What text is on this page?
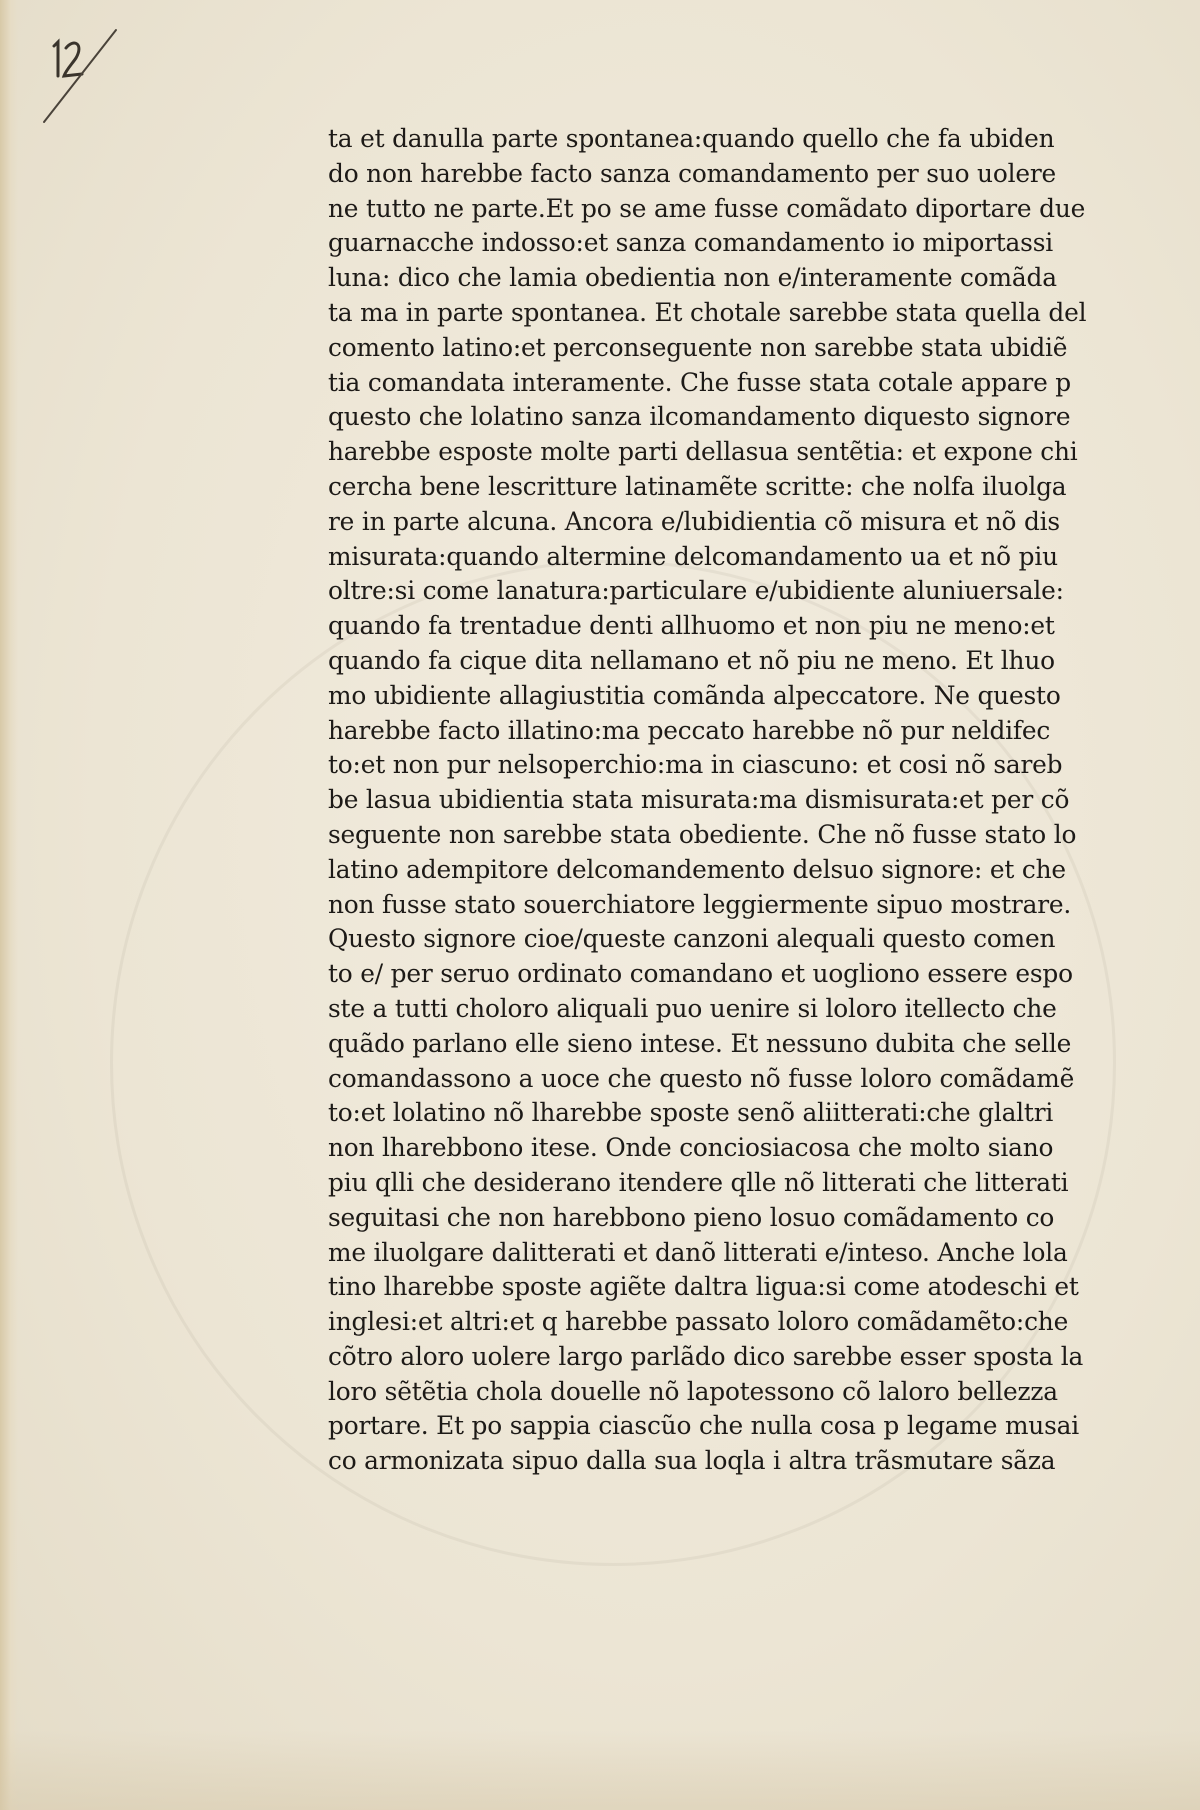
ta et danulla parte spontanea:quando quello che fa ubiden
do non harebbe facto sanza comandamento per suo uolere
ne tutto ne parte.Et po se ame fusse comãdato diportare due
guarnacche indosso:et sanza comandamento io miportassi
luna: dico che lamia obedientia non e/interamente comãda
ta ma in parte spontanea. Et chotale sarebbe stata quella del
comento latino:et perconseguente non sarebbe stata ubidiẽ
tia comandata interamente. Che fusse stata cotale appare p
questo che lolatino sanza ilcomandamento diquesto signore
harebbe esposte molte parti dellasua sentẽtia: et expone chi
cercha bene lescritture latinamẽte scritte: che nolfa iluolga
re in parte alcuna. Ancora e/lubidientia cõ misura et nõ dis
misurata:quando altermine delcomandamento ua et nõ piu
oltre:si come lanatura:particulare e/ubidiente aluniuersale:
quando fa trentadue denti allhuomo et non piu ne meno:et
quando fa cique dita nellamano et nõ piu ne meno. Et lhuo
mo ubidiente allagiustitia comãnda alpeccatore. Ne questo
harebbe facto illatino:ma peccato harebbe nõ pur neldifec
to:et non pur nelsoperchio:ma in ciascuno: et cosi nõ sareb
be lasua ubidientia stata misurata:ma dismisurata:et per cõ
seguente non sarebbe stata obediente. Che nõ fusse stato lo
latino adempitore delcomandemento delsuo signore: et che
non fusse stato souerchiatore leggiermente sipuo mostrare.
Questo signore cioe/queste canzoni alequali questo comen
to e/ per seruo ordinato comandano et uogliono essere espo
ste a tutti choloro aliquali puo uenire si loloro itellecto che
quãdo parlano elle sieno intese. Et nessuno dubita che selle
comandassono a uoce che questo nõ fusse loloro comãdamẽ
to:et lolatino nõ lharebbe sposte senõ aliitterati:che glaltri
non lharebbono itese. Onde conciosiacosa che molto siano
piu qlli che desiderano itendere qlle nõ litterati che litterati
seguitasi che non harebbono pieno losuo comãdamento co
me iluolgare dalitterati et danõ litterati e/inteso. Anche lola
tino lharebbe sposte agiẽte daltra ligua:si come atodeschi et
inglesi:et altri:et q harebbe passato loloro comãdamẽto:che
cõtro aloro uolere largo parlãdo dico sarebbe esser sposta la
loro sẽtẽtia chola douelle nõ lapotessono cõ laloro bellezza
portare. Et po sappia ciascũo che nulla cosa p legame musai
co armonizata sipuo dalla sua loqla i altra trãsmutare sãza
